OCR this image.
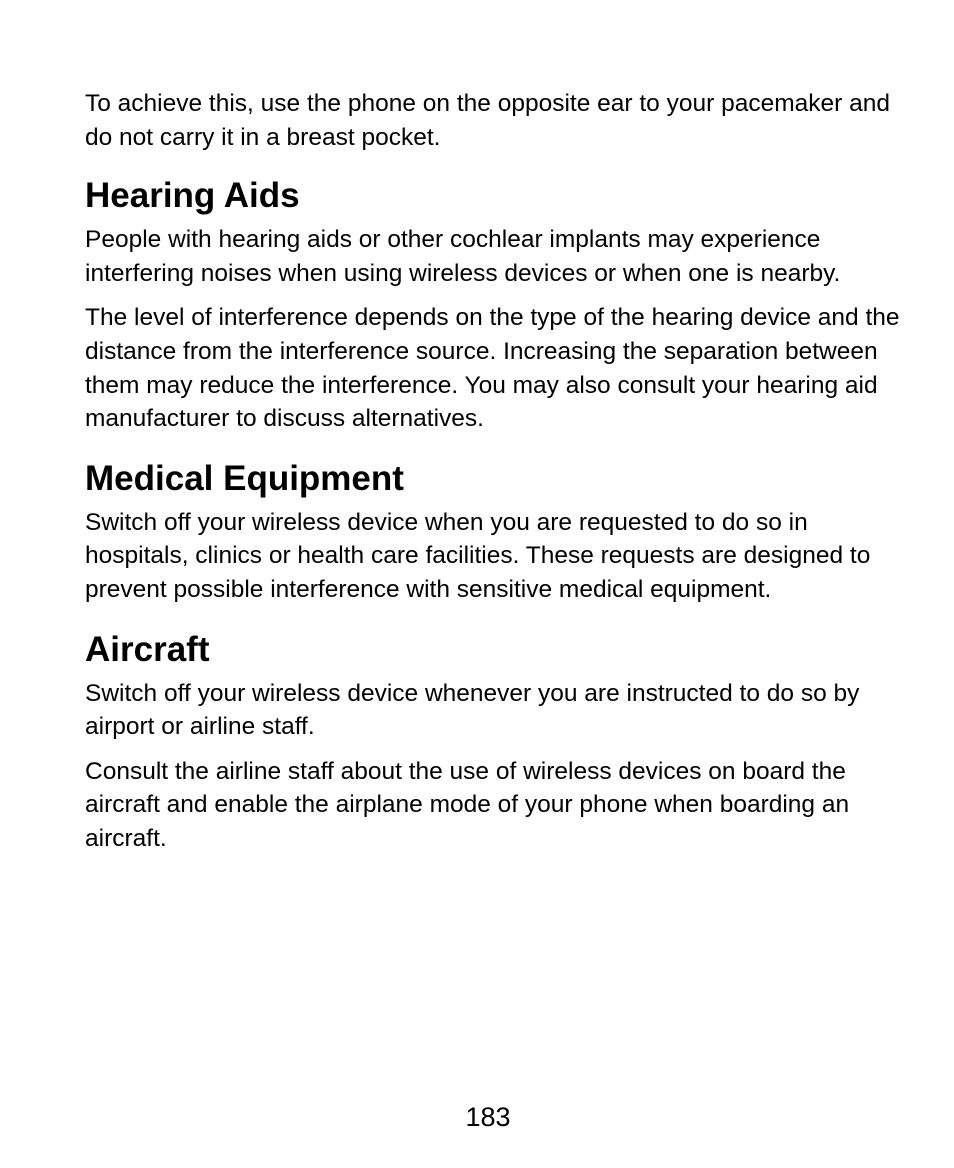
To achieve this, use the phone on the opposite ear to your pacemaker and do not carry it in a breast pocket.

Hearing Aids

People with hearing aids or other cochlear implants may experience interfering noises when using wireless devices or when one is nearby.

The level of interference depends on the type of the hearing device and the distance from the interference source. Increasing the separation between them may reduce the interference. You may also consult your hearing aid manufacturer to discuss alternatives.

Medical Equipment

Switch off your wireless device when you are requested to do so in hospitals, clinics or health care facilities. These requests are designed to prevent possible interference with sensitive medical equipment.

Aircraft

Switch off your wireless device whenever you are instructed to do so by airport or airline staff.

Consult the airline staff about the use of wireless devices on board the aircraft and enable the airplane mode of your phone when boarding an aircraft.

183
